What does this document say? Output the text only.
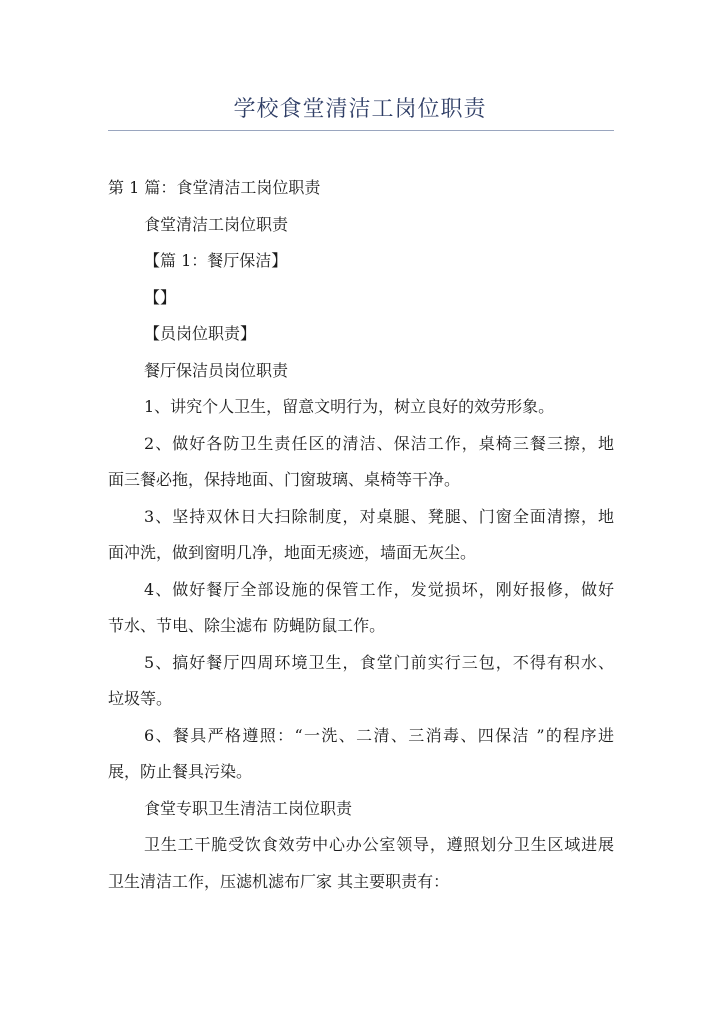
学校食堂清洁工岗位职责
第 1 篇：食堂清洁工岗位职责
食堂清洁工岗位职责
【篇 1：餐厅保洁】
【】
【员岗位职责】
餐厅保洁员岗位职责
1、讲究个人卫生，留意文明行为，树立良好的效劳形象。
2、做好各防卫生责任区的清洁、保洁工作，桌椅三餐三擦，地
面三餐必拖，保持地面、门窗玻璃、桌椅等干净。
3、坚持双休日大扫除制度，对桌腿、凳腿、门窗全面清擦，地
面冲洗，做到窗明几净，地面无痰迹，墙面无灰尘。
4、做好餐厅全部设施的保管工作，发觉损坏，刚好报修，做好
节水、节电、除尘滤布 防蝇防鼠工作。
5、搞好餐厅四周环境卫生，食堂门前实行三包，不得有积水、
垃圾等。
6、餐具严格遵照：“一洗、二清、三消毒、四保洁 ”的程序进
展，防止餐具污染。
食堂专职卫生清洁工岗位职责
卫生工干脆受饮食效劳中心办公室领导，遵照划分卫生区域进展
卫生清洁工作，压滤机滤布厂家 其主要职责有：
